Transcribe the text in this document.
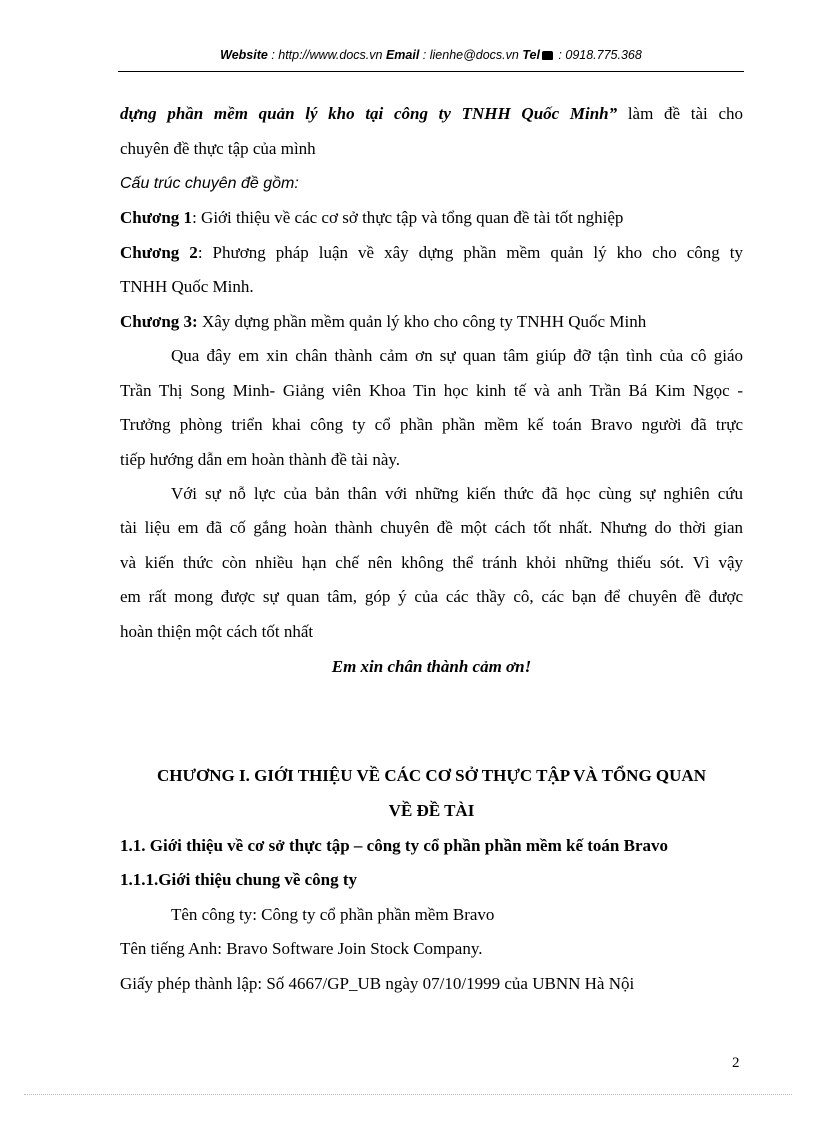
Website : http://www.docs.vn Email : lienhe@docs.vn Tel : 0918.775.368
dựng phần mềm quản lý kho tại công ty TNHH Quốc Minh” làm đề tài cho
chuyên đề thực tập của mình
Cấu trúc chuyên đề gồm:
Chương 1: Giới thiệu về các cơ sở thực tập và tổng quan đề tài tốt nghiệp
Chương 2: Phương pháp luận về xây dựng phần mềm quản lý kho cho công ty
TNHH Quốc Minh.
Chương 3: Xây dựng phần mềm quản lý kho cho công ty TNHH Quốc Minh
Qua đây em xin chân thành cảm ơn sự quan tâm giúp đỡ tận tình của cô giáo
Trần Thị Song Minh- Giảng viên Khoa Tin học kinh tế và anh Trần Bá Kim Ngọc -
Trưởng phòng triển khai công ty cổ phần phần mềm kế toán Bravo người đã trực
tiếp hướng dẫn em hoàn thành đề tài này.
Với sự nỗ lực của bản thân với những kiến thức đã học cùng sự nghiên cứu
tài liệu em đã cố gắng hoàn thành chuyên đề một cách tốt nhất. Nhưng do thời gian
và kiến thức còn nhiều hạn chế nên không thể tránh khỏi những thiếu sót. Vì vậy
em rất mong được sự quan tâm, góp ý của các thầy cô, các bạn để chuyên đề được
hoàn thiện một cách tốt nhất
Em xin chân thành cảm ơn!
CHƯƠNG I. GIỚI THIỆU VỀ CÁC CƠ SỞ THỰC TẬP VÀ TỔNG QUAN
VỀ ĐỀ TÀI
1.1. Giới thiệu về cơ sở thực tập – công ty cổ phần phần mềm kế toán Bravo
1.1.1.Giới thiệu chung về công ty
Tên công ty: Công ty cổ phần phần mềm Bravo
Tên tiếng Anh: Bravo Software Join Stock Company.
Giấy phép thành lập: Số 4667/GP_UB ngày 07/10/1999 của UBNN Hà Nội
2
